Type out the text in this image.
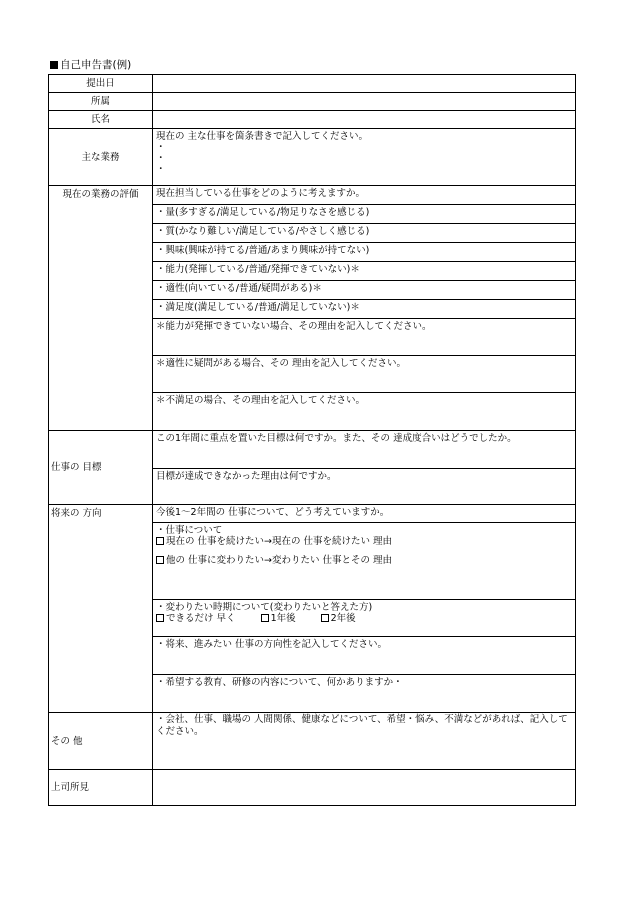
自己申告書(例)
提出日	
所属	
氏名	
主な業務	現在の 主な仕事を箇条書きで記入してください。
・
・
・

現在の業務の評価	現在担当している仕事をどのように考えますか。
	・量(多すぎる/満足している/物足りなさを感じる)
	・質(かなり難しい/満足している/やさしく感じる)
	・興味(興味が持てる/普通/あまり興味が持てない)
	・能力(発揮している/普通/発揮できていない)＊
	・適性(向いている/普通/疑問がある)＊
	・満足度(満足している/普通/満足していない)＊
	＊能力が発揮できていない場合、その理由を記入してください。
	＊適性に疑問がある場合、その 理由を記入してください。
	＊不満足の場合、その理由を記入してください。
仕事の 目標	この1年間に重点を置いた目標は何ですか。また、その 達成度合いはどうでしたか。
	目標が達成できなかった理由は何ですか。
将来の 方向	今後1〜2年間の 仕事について、どう考えていますか。

	・仕事について
現在の 仕事を続けたい→現在の 仕事を続けたい 理由
他の 仕事に変わりたい→変わりたい 仕事とその 理由

	・変わりたい時期について(変わりたいと答えた方)
できるだけ 早く 1年後 2年後

	・将来、進みたい 仕事の方向性を記入してください。
	・希望する教育、研修の内容について、何かありますか・
その 他	・会社、仕事、職場の 人間関係、健康などについて、希望・悩み、不満などがあれば、記入してください。
上司所見	
